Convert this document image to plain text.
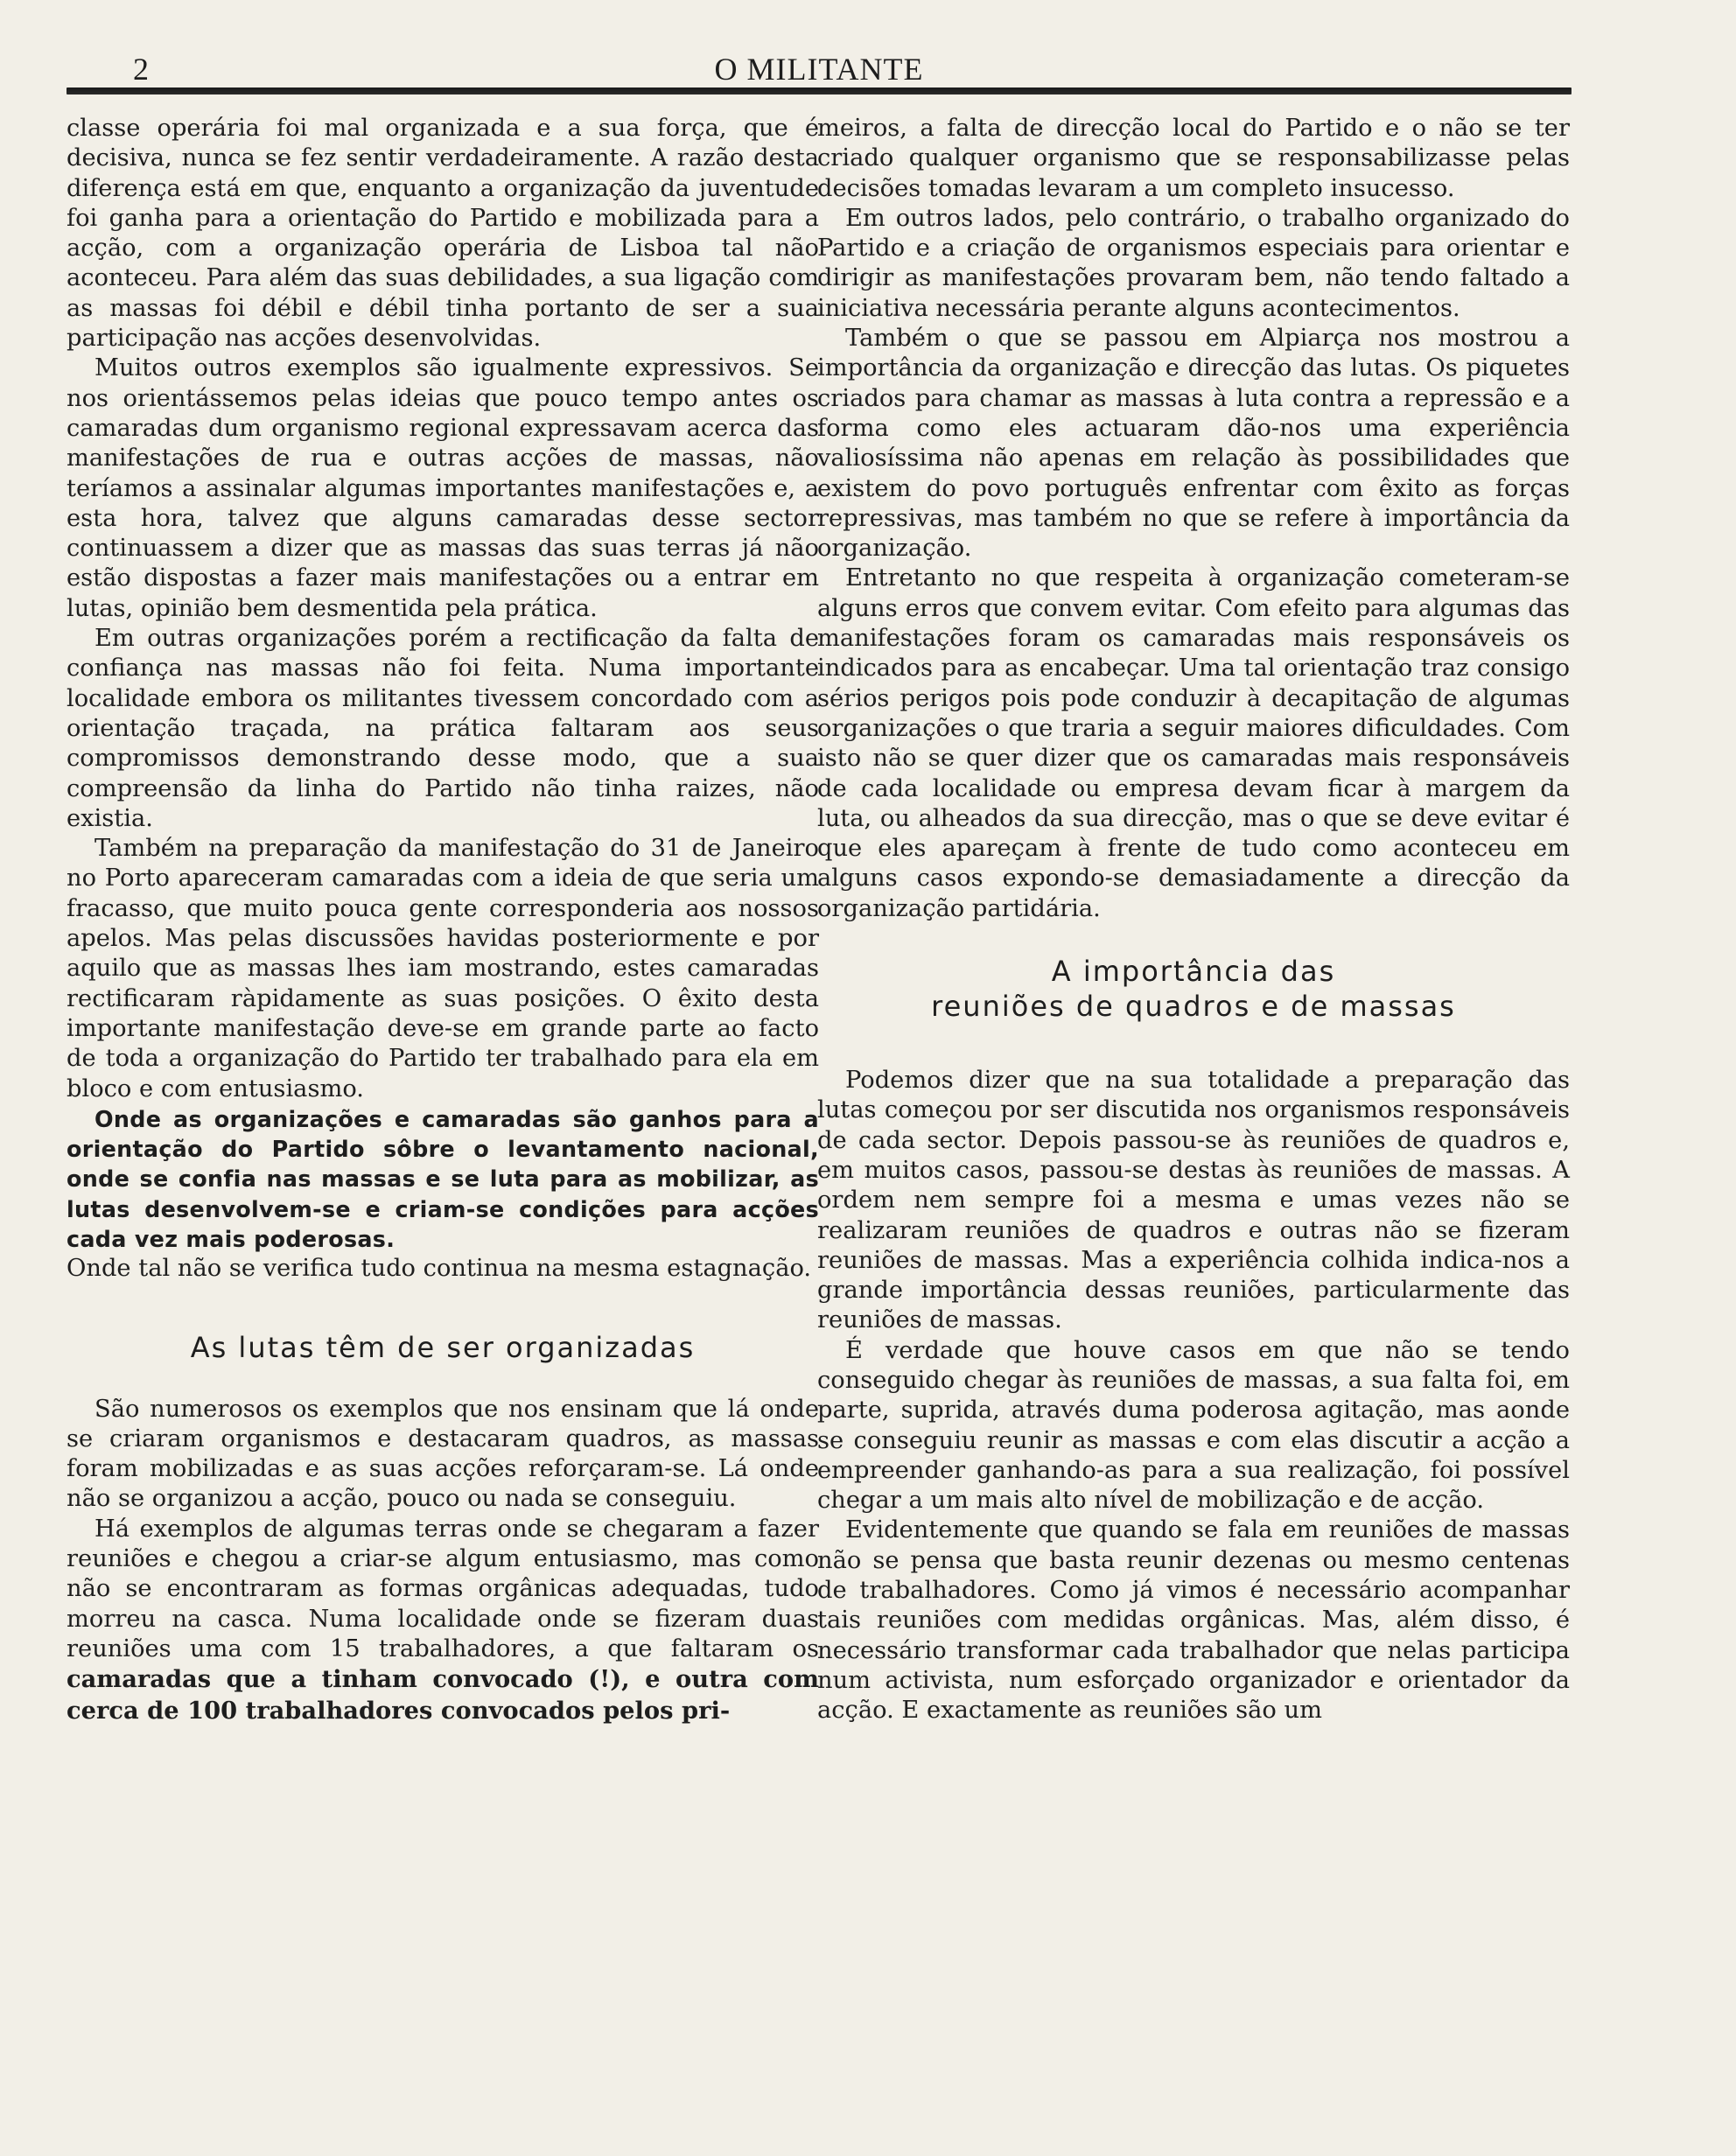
2	O MILITANTE

classe operária foi mal organizada e a sua força, que é decisiva, nunca se fez sentir verdadeiramente. A razão desta diferença está em que, enquanto a organização da juventude foi ganha para a orientação do Partido e mobilizada para a acção, com a organização operária de Lisboa tal não aconteceu. Para além das suas debilidades, a sua ligação com as massas foi débil e débil tinha portanto de ser a sua participação nas acções desenvolvidas.

Muitos outros exemplos são igualmente expressivos. Se nos orientássemos pelas ideias que pouco tempo antes os camaradas dum organismo regional expressavam acerca das manifestações de rua e outras acções de massas, não teríamos a assinalar algumas importantes manifestações e, a esta hora, talvez que alguns camaradas desse sector continuassem a dizer que as massas das suas terras já não estão dispostas a fazer mais manifestações ou a entrar em lutas, opinião bem desmentida pela prática.

Em outras organizações porém a rectificação da falta de confiança nas massas não foi feita. Numa importante localidade embora os militantes tivessem concordado com a orientação traçada, na prática faltaram aos seus compromissos demonstrando desse modo, que a sua compreensão da linha do Partido não tinha raizes, não existia.

Também na preparação da manifestação do 31 de Janeiro no Porto apareceram camaradas com a ideia de que seria um fracasso, que muito pouca gente corresponderia aos nossos apelos. Mas pelas discussões havidas posteriormente e por aquilo que as massas lhes iam mostrando, estes camaradas rectificaram ràpidamente as suas posições. O êxito desta importante manifestação deve-se em grande parte ao facto de toda a organização do Partido ter trabalhado para ela em bloco e com entusiasmo.

Onde as organizações e camaradas são ganhos para a orientação do Partido sôbre o levantamento nacional, onde se confia nas massas e se luta para as mobilizar, as lutas desenvolvem-se e criam-se condições para acções cada vez mais poderosas.

Onde tal não se verifica tudo continua na mesma estagnação.

As lutas têm de ser organizadas

São numerosos os exemplos que nos ensinam que lá onde se criaram organismos e destacaram quadros, as massas foram mobilizadas e as suas acções reforçaram-se. Lá onde não se organizou a acção, pouco ou nada se conseguiu.

Há exemplos de algumas terras onde se chegaram a fazer reuniões e chegou a criar-se algum entusiasmo, mas como não se encontraram as formas orgânicas adequadas, tudo morreu na casca. Numa localidade onde se fizeram duas reuniões uma com 15 trabalhadores, a que faltaram os camaradas que a tinham convocado (!), e outra com cerca de 100 trabalhadores convocados pelos pri-

meiros, a falta de direcção local do Partido e o não se ter criado qualquer organismo que se responsabilizasse pelas decisões tomadas levaram a um completo insucesso.

Em outros lados, pelo contrário, o trabalho organizado do Partido e a criação de organismos especiais para orientar e dirigir as manifestações provaram bem, não tendo faltado a iniciativa necessária perante alguns acontecimentos.

Também o que se passou em Alpiarça nos mostrou a importância da organização e direcção das lutas. Os piquetes criados para chamar as massas à luta contra a repressão e a forma como eles actuaram dão-nos uma experiência valiosíssima não apenas em relação às possibilidades que existem do povo português enfrentar com êxito as forças repressivas, mas também no que se refere à importância da organização.

Entretanto no que respeita à organização cometeram-se alguns erros que convem evitar. Com efeito para algumas das manifestações foram os camaradas mais responsáveis os indicados para as encabeçar. Uma tal orientação traz consigo sérios perigos pois pode conduzir à decapitação de algumas organizações o que traria a seguir maiores dificuldades. Com isto não se quer dizer que os camaradas mais responsáveis de cada localidade ou empresa devam ficar à margem da luta, ou alheados da sua direcção, mas o que se deve evitar é que eles apareçam à frente de tudo como aconteceu em alguns casos expondo-se demasiadamente a direcção da organização partidária.

A importância das
reuniões de quadros e de massas

Podemos dizer que na sua totalidade a preparação das lutas começou por ser discutida nos organismos responsáveis de cada sector. Depois passou-se às reuniões de quadros e, em muitos casos, passou-se destas às reuniões de massas. A ordem nem sempre foi a mesma e umas vezes não se realizaram reuniões de quadros e outras não se fizeram reuniões de massas. Mas a experiência colhida indica-nos a grande importância dessas reuniões, particularmente das reuniões de massas.

É verdade que houve casos em que não se tendo conseguido chegar às reuniões de massas, a sua falta foi, em parte, suprida, através duma poderosa agitação, mas aonde se conseguiu reunir as massas e com elas discutir a acção a empreender ganhando-as para a sua realização, foi possível chegar a um mais alto nível de mobilização e de acção.

Evidentemente que quando se fala em reuniões de massas não se pensa que basta reunir dezenas ou mesmo centenas de trabalhadores. Como já vimos é necessário acompanhar tais reuniões com medidas orgânicas. Mas, além disso, é necessário transformar cada trabalhador que nelas participa num activista, num esforçado organizador e orientador da acção. E exactamente as reuniões são um
